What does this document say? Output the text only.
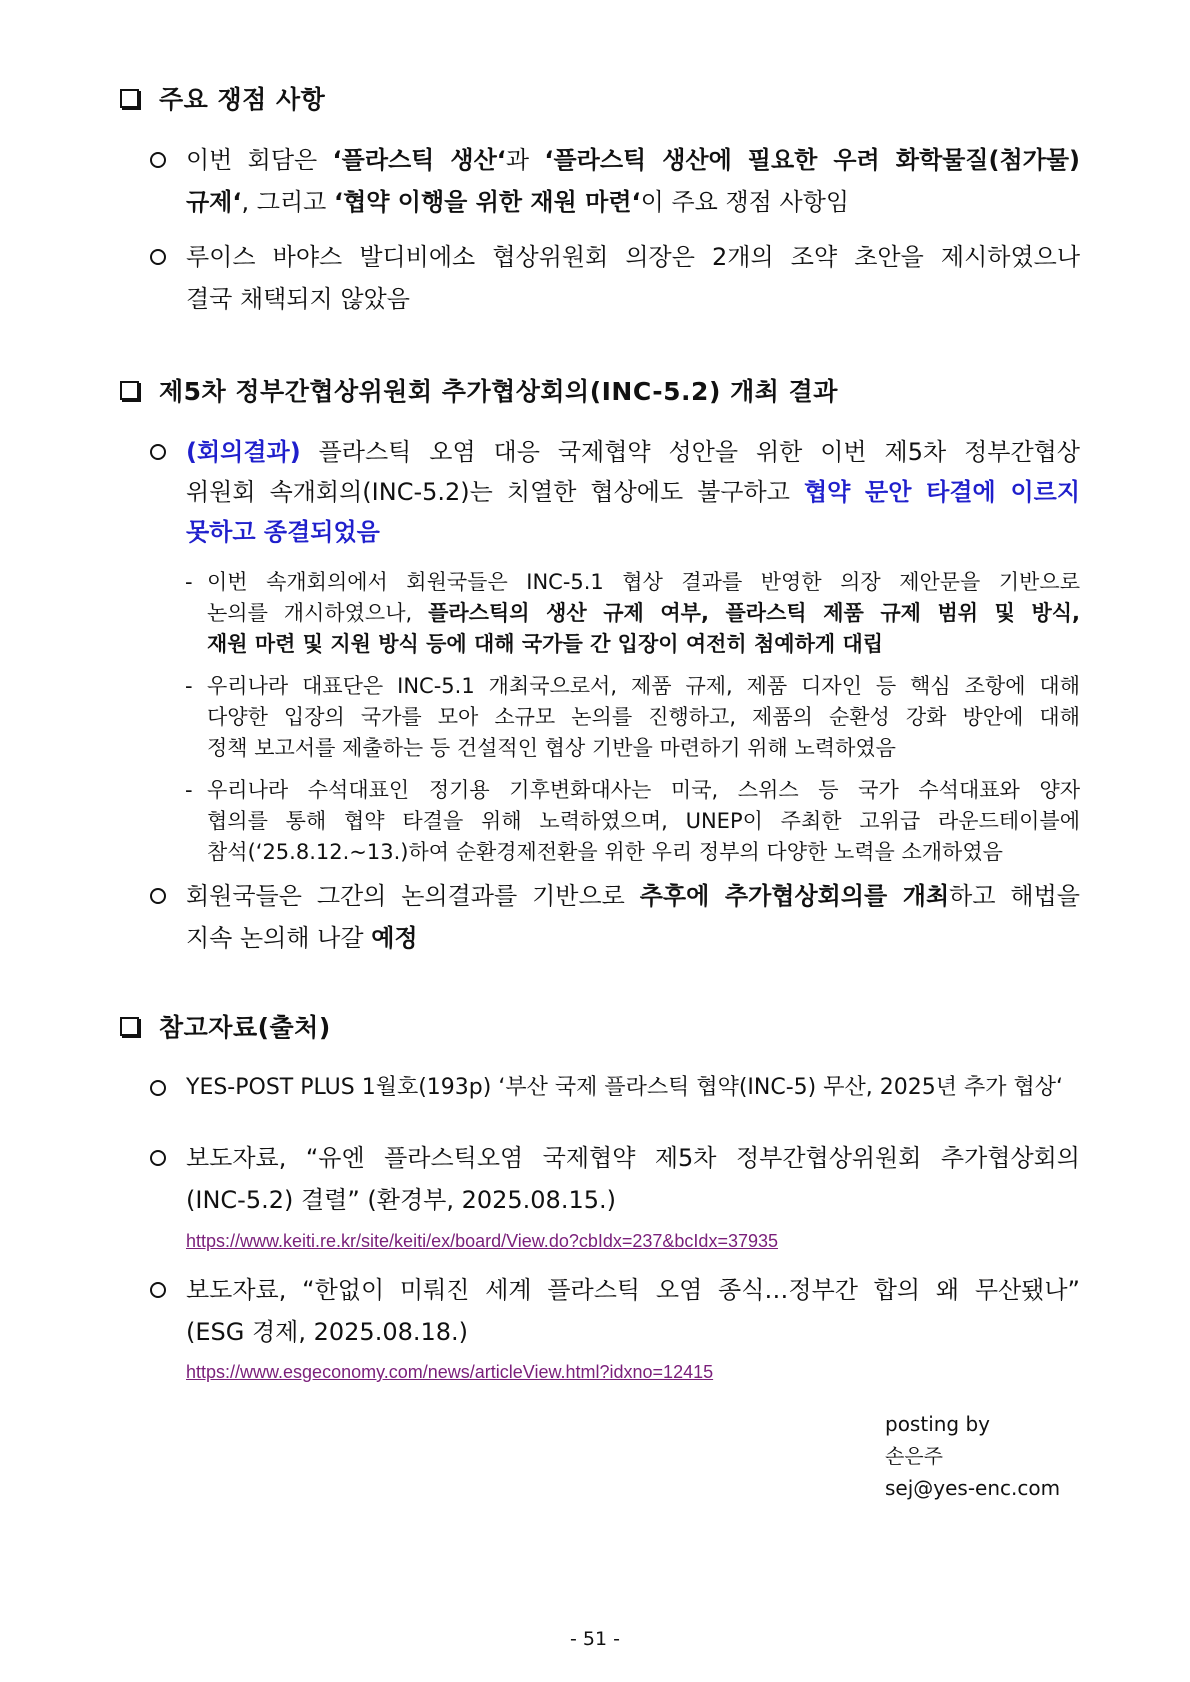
주요 쟁점 사항
이번 회담은 ‘플라스틱 생산‘과 ‘플라스틱 생산에 필요한 우려 화학물질(첨가물)
규제‘, 그리고 ‘협약 이행을 위한 재원 마련‘이 주요 쟁점 사항임
루이스 바야스 발디비에소 협상위원회 의장은 2개의 조약 초안을 제시하였으나
결국 채택되지 않았음
제5차 정부간협상위원회 추가협상회의(INC-5.2) 개최 결과
(회의결과) 플라스틱 오염 대응 국제협약 성안을 위한 이번 제5차 정부간협상
위원회 속개회의(INC-5.2)는 치열한 협상에도 불구하고 협약 문안 타결에 이르지
못하고 종결되었음
- 이번 속개회의에서 회원국들은 INC-5.1 협상 결과를 반영한 의장 제안문을 기반으로
논의를 개시하였으나, 플라스틱의 생산 규제 여부, 플라스틱 제품 규제 범위 및 방식,
재원 마련 및 지원 방식 등에 대해 국가들 간 입장이 여전히 첨예하게 대립
- 우리나라 대표단은 INC-5.1 개최국으로서, 제품 규제, 제품 디자인 등 핵심 조항에 대해
다양한 입장의 국가를 모아 소규모 논의를 진행하고, 제품의 순환성 강화 방안에 대해
정책 보고서를 제출하는 등 건설적인 협상 기반을 마련하기 위해 노력하였음
- 우리나라 수석대표인 정기용 기후변화대사는 미국, 스위스 등 국가 수석대표와 양자
협의를 통해 협약 타결을 위해 노력하였으며, UNEP이 주최한 고위급 라운드테이블에
참석(‘25.8.12.~13.)하여 순환경제전환을 위한 우리 정부의 다양한 노력을 소개하였음
회원국들은 그간의 논의결과를 기반으로 추후에 추가협상회의를 개최하고 해법을
지속 논의해 나갈 예정
참고자료(출처)
YES-POST PLUS 1월호(193p) ‘부산 국제 플라스틱 협약(INC-5) 무산, 2025년 추가 협상‘
보도자료, “유엔 플라스틱오염 국제협약 제5차 정부간협상위원회 추가협상회의
(INC-5.2) 결렬” (환경부, 2025.08.15.)
https://www.keiti.re.kr/site/keiti/ex/board/View.do?cbIdx=237&bcIdx=37935
보도자료, “한없이 미뤄진 세계 플라스틱 오염 종식…정부간 합의 왜 무산됐나”
(ESG 경제, 2025.08.18.)
https://www.esgeconomy.com/news/articleView.html?idxno=12415
posting by
손은주
sej@yes-enc.com
- 51 -
